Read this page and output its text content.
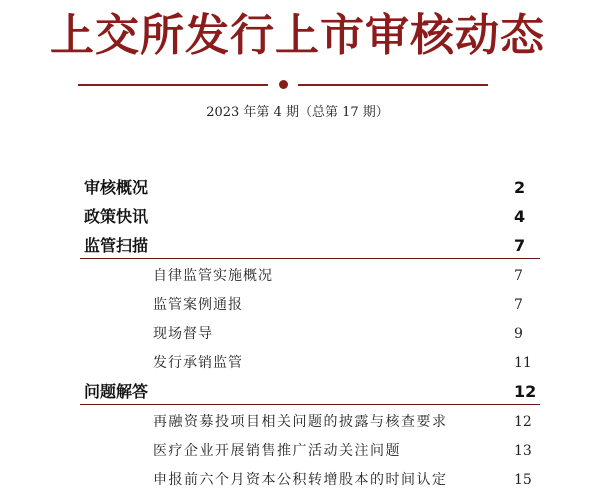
上交所发行上市审核动态
2023 年第 4 期（总第 17 期）
审核概况	2
政策快讯	4
监管扫描	7
自律监管实施概况	7
监管案例通报	7
现场督导	9
发行承销监管	11
问题解答	12
再融资募投项目相关问题的披露与核查要求	12
医疗企业开展销售推广活动关注问题	13
申报前六个月资本公积转增股本的时间认定	15
